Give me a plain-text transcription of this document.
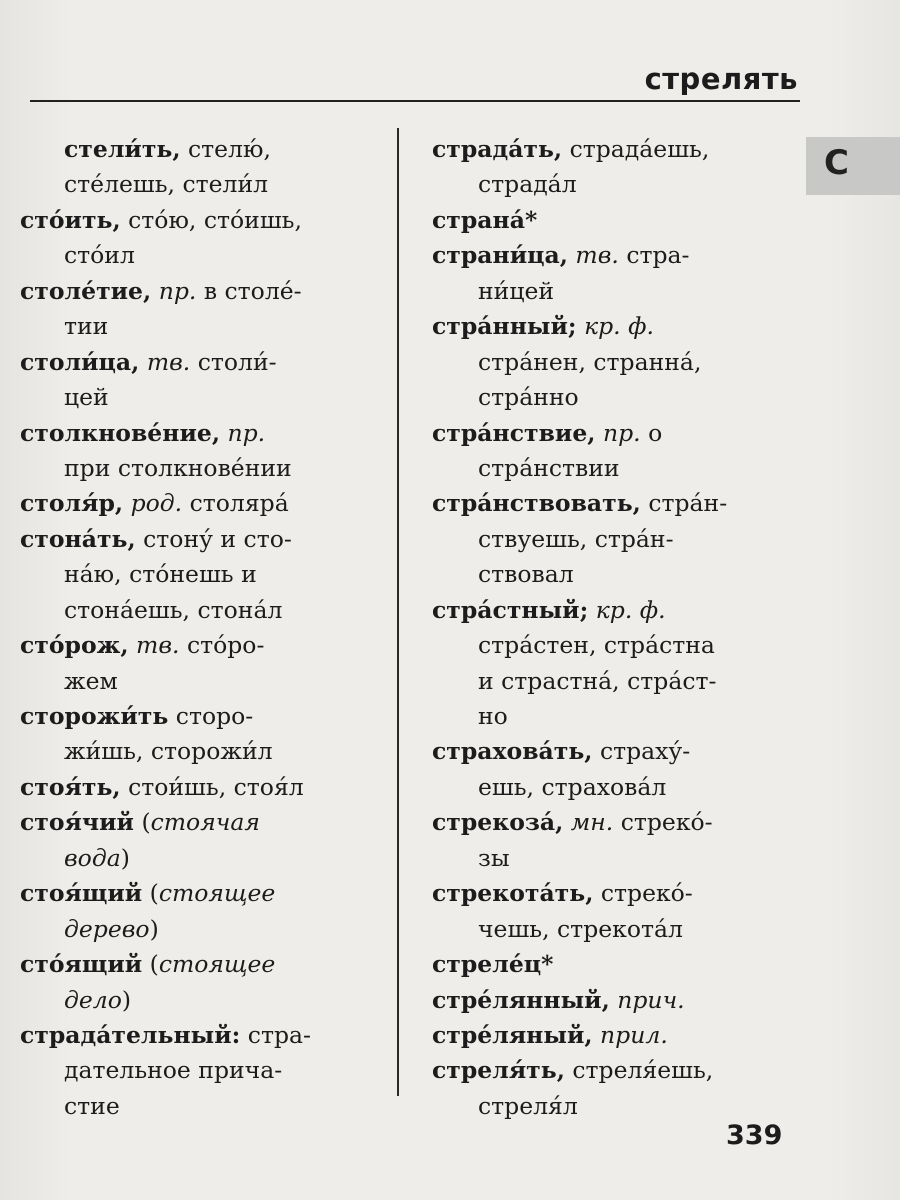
стрелять
С
стели́ть, стелю́,
сте́лешь, стели́л
сто́ить, сто́ю, сто́ишь,
сто́ил
столе́тие, пр. в столе́-
тии
столи́ца, тв. столи́-
цей
столкнове́ние, пр.
при столкнове́нии
столя́р, род. столяра́
стона́ть, стону́ и сто-
на́ю, сто́нешь и
стона́ешь, стона́л
сто́рож, тв. сто́ро-
жем
сторожи́ть сторо-
жи́шь, сторожи́л
стоя́ть, стои́шь, стоя́л
стоя́чий (стоячая
вода)
стоя́щий (стоящее
дерево)
сто́ящий (стоящее
дело)
страда́тельный: стра-
дательное прича-
стие
страда́ть, страда́ешь,
страда́л
страна́*
страни́ца, тв. стра-
ни́цей
стра́нный; кр. ф.
стра́нен, странна́,
стра́нно
стра́нствие, пр. о
стра́нствии
стра́нствовать, стра́н-
ствуешь, стра́н-
ствовал
стра́стный; кр. ф.
стра́стен, стра́стна
и страстна́, стра́ст-
но
страхова́ть, страху́-
ешь, страхова́л
стрекоза́, мн. стреко́-
зы
стрекота́ть, стреко́-
чешь, стрекота́л
стреле́ц*
стре́лянный, прич.
стре́ляный, прил.
стреля́ть, стреля́ешь,
стреля́л
339
